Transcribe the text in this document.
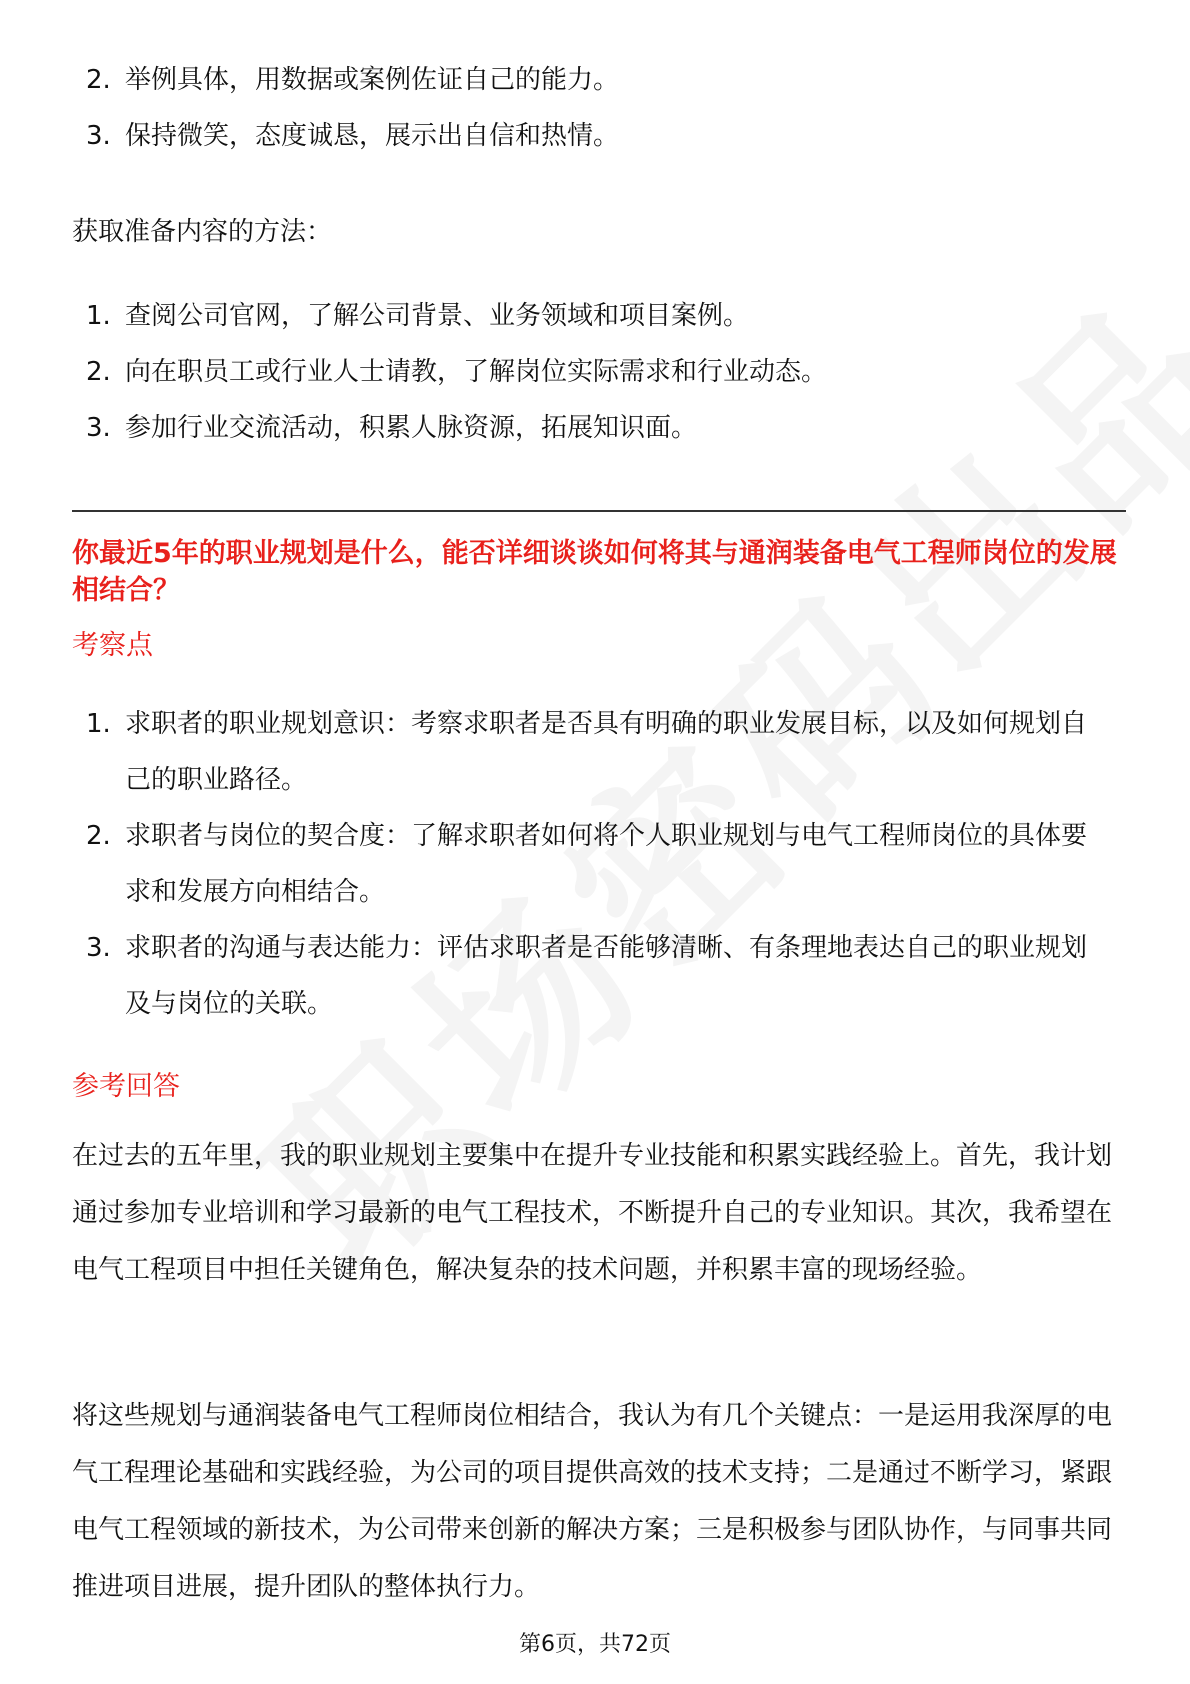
2. 举例具体，用数据或案例佐证自己的能力。
3. 保持微笑，态度诚恳，展示出自信和热情。

获取准备内容的方法：

1. 查阅公司官网，了解公司背景、业务领域和项目案例。
2. 向在职员工或行业人士请教，了解岗位实际需求和行业动态。
3. 参加行业交流活动，积累人脉资源，拓展知识面。
你最近5年的职业规划是什么，能否详细谈谈如何将其与通润装备电气工程师岗位的发展相结合？
考察点
1. 求职者的职业规划意识：考察求职者是否具有明确的职业发展目标，以及如何规划自己的职业路径。
2. 求职者与岗位的契合度：了解求职者如何将个人职业规划与电气工程师岗位的具体要求和发展方向相结合。
3. 求职者的沟通与表达能力：评估求职者是否能够清晰、有条理地表达自己的职业规划及与岗位的关联。
参考回答

在过去的五年里，我的职业规划主要集中在提升专业技能和积累实践经验上。首先，我计划通过参加专业培训和学习最新的电气工程技术，不断提升自己的专业知识。其次，我希望在电气工程项目中担任关键角色，解决复杂的技术问题，并积累丰富的现场经验。

将这些规划与通润装备电气工程师岗位相结合，我认为有几个关键点：一是运用我深厚的电气工程理论基础和实践经验，为公司的项目提供高效的技术支持；二是通过不断学习，紧跟电气工程领域的新技术，为公司带来创新的解决方案；三是积极参与团队协作，与同事共同推进项目进展，提升团队的整体执行力。

第6页，共72页
